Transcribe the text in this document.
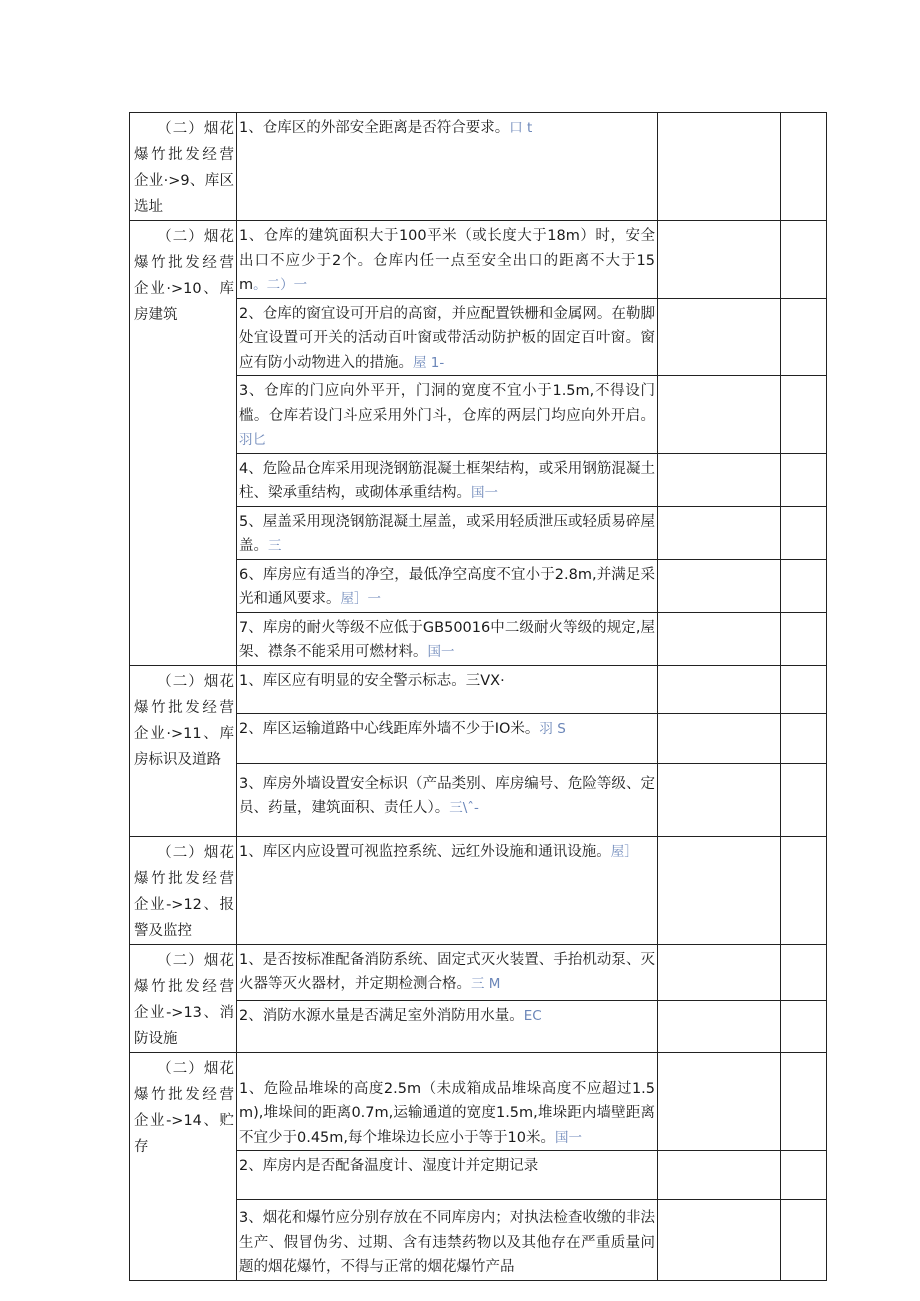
（二）烟花爆竹批发经营企业·>9、库区选址	1、仓库区的外部安全距离是否符合要求。口 t		
（二）烟花爆竹批发经营企业·>10、库房建筑	1、仓库的建筑面积大于100平米（或长度大于18m）时，安全出口不应少于2个。仓库内任一点至安全出口的距离不大于15m。二）一		
	2、仓库的窗宜设可开启的高窗，并应配置铁栅和金属网。在勒脚处宜设置可开关的活动百叶窗或带活动防护板的固定百叶窗。窗应有防小动物进入的措施。屋 1-		
	3、仓库的门应向外平开，门洞的宽度不宜小于1.5m,不得设门槛。仓库若设门斗应采用外门斗，仓库的两层门均应向外开启。羽匕		
	4、危险品仓库采用现浇钢筋混凝土框架结构，或采用钢筋混凝土柱、梁承重结构，或砌体承重结构。国一		
	5、屋盖采用现浇钢筋混凝土屋盖，或采用轻质泄压或轻质易碎屋盖。三		
	6、库房应有适当的净空，最低净空高度不宜小于2.8m,并满足采光和通风要求。屋］一		
	7、库房的耐火等级不应低于GB50016中二级耐火等级的规定,屋架、襟条不能采用可燃材料。国一		
（二）烟花爆竹批发经营企业·>11、库房标识及道路	1、库区应有明显的安全警示标志。三VX·		
	2、库区运输道路中心线距库外墙不少于IO米。羽 S		
	3、库房外墙设置安全标识（产品类别、库房编号、危险等级、定员、药量，建筑面积、责任人）。三\ˆ-		
（二）烟花爆竹批发经营企业->12、报警及监控	1、库区内应设置可视监控系统、远红外设施和通讯设施。屋］		
（二）烟花爆竹批发经营企业->13、消防设施	1、是否按标准配备消防系统、固定式灭火装置、手抬机动泵、灭火器等灭火器材，并定期检测合格。三 M		
	2、消防水源水量是否满足室外消防用水量。EC		
（二）烟花爆竹批发经营企业->14、贮存	1、危险品堆垛的高度2.5m（未成箱成品堆垛高度不应超过1.5m),堆垛间的距离0.7m,运输通道的宽度1.5m,堆垛距内墙壁距离不宜少于0.45m,每个堆垛边长应小于等于10米。国一		
	2、库房内是否配备温度计、湿度计并定期记录		
	3、烟花和爆竹应分别存放在不同库房内；对执法检查收缴的非法生产、假冒伪劣、过期、含有违禁药物以及其他存在严重质量问题的烟花爆竹，不得与正常的烟花爆竹产品		
